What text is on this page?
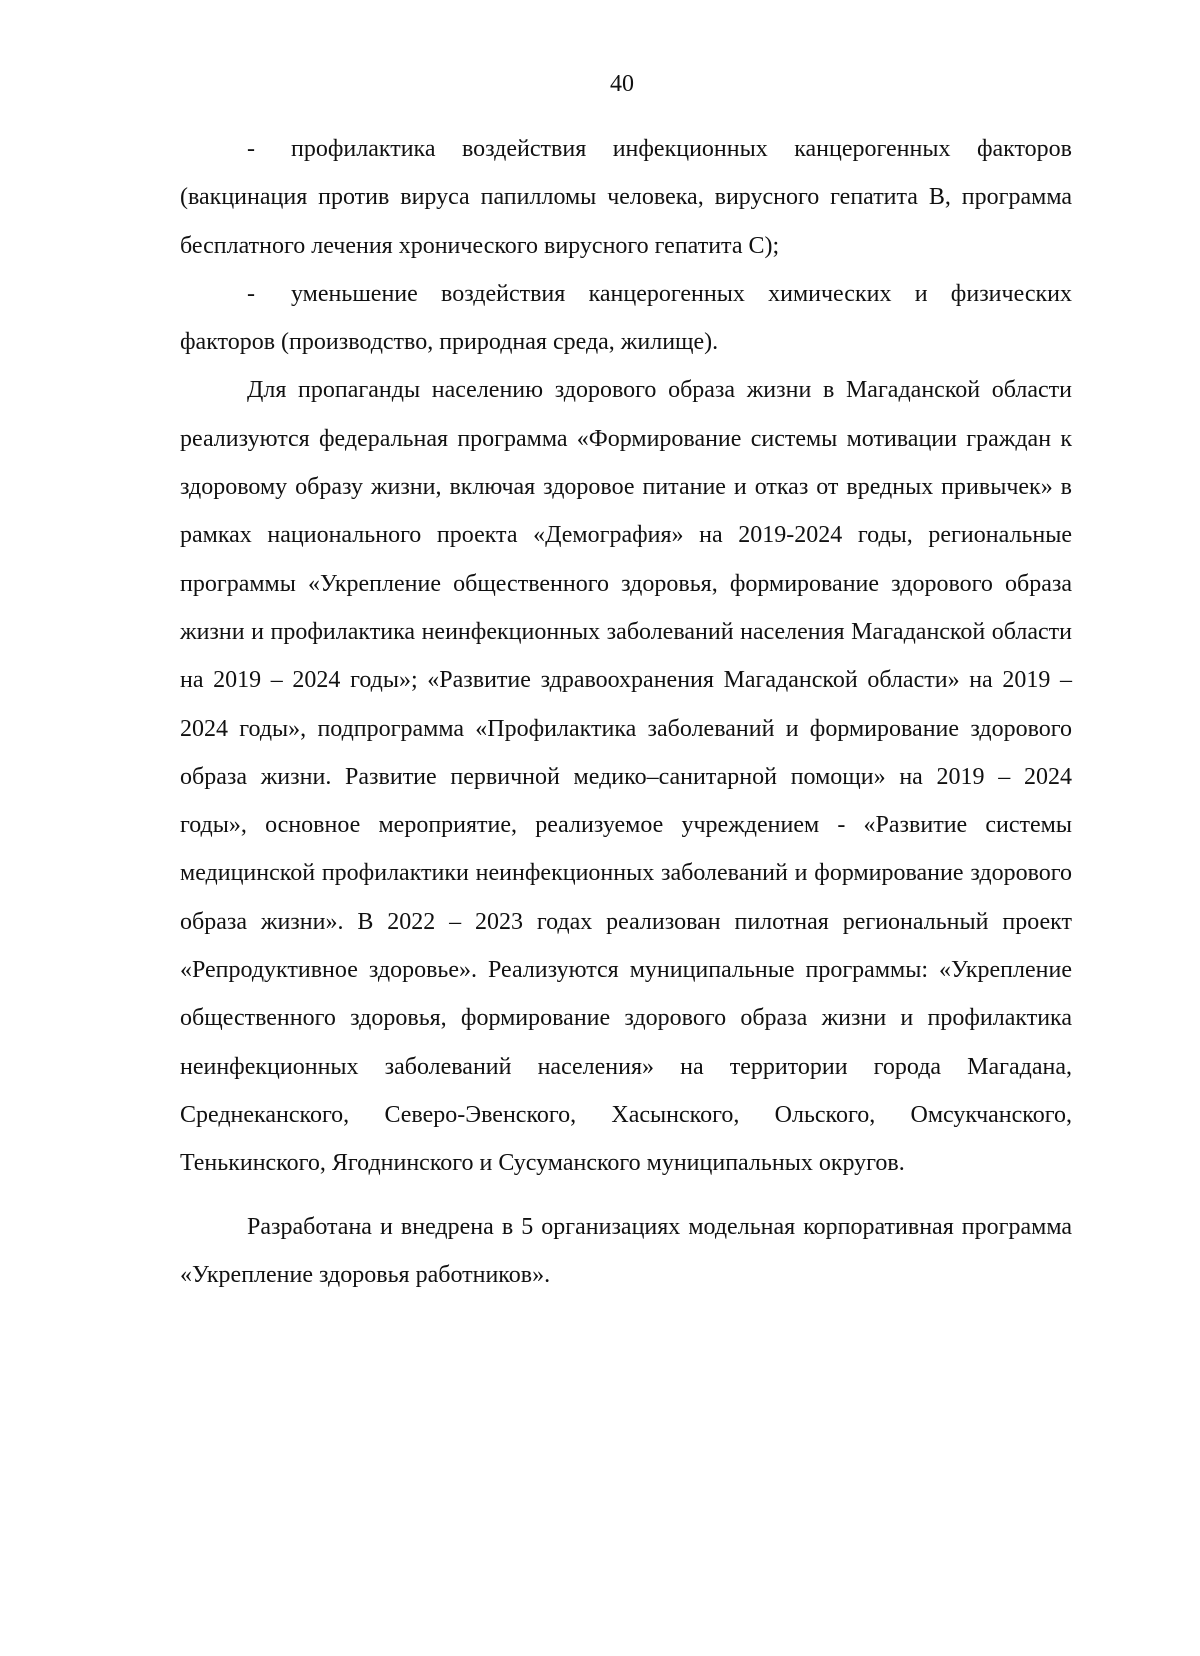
40

- профилактика воздействия инфекционных канцерогенных факторов (вакцинация против вируса папилломы человека, вирусного гепатита В, программа бесплатного лечения хронического вирусного гепатита С);

- уменьшение воздействия канцерогенных химических и физических факторов (производство, природная среда, жилище).

Для пропаганды населению здорового образа жизни в Магаданской области реализуются федеральная программа «Формирование системы мотивации граждан к здоровому образу жизни, включая здоровое питание и отказ от вредных привычек» в рамках национального проекта «Демография» на 2019-2024 годы, региональные программы «Укрепление общественного здоровья, формирование здорового образа жизни и профилактика неинфекционных заболеваний населения Магаданской области на 2019 – 2024 годы»; «Развитие здравоохранения Магаданской области» на 2019 – 2024 годы», подпрограмма «Профилактика заболеваний и формирование здорового образа жизни. Развитие первичной медико–санитарной помощи» на 2019 – 2024 годы», основное мероприятие, реализуемое учреждением - «Развитие системы медицинской профилактики неинфекционных заболеваний и формирование здорового образа жизни». В 2022 – 2023 годах реализован пилотная региональный проект «Репродуктивное здоровье». Реализуются муниципальные программы: «Укрепление общественного здоровья, формирование здорового образа жизни и профилактика неинфекционных заболеваний населения» на территории города Магадана, Среднеканского, Северо-Эвенского, Хасынского, Ольского, Омсукчанского, Тенькинского, Ягоднинского и Сусуманского муниципальных округов.

Разработана и внедрена в 5 организациях модельная корпоративная программа «Укрепление здоровья работников».
